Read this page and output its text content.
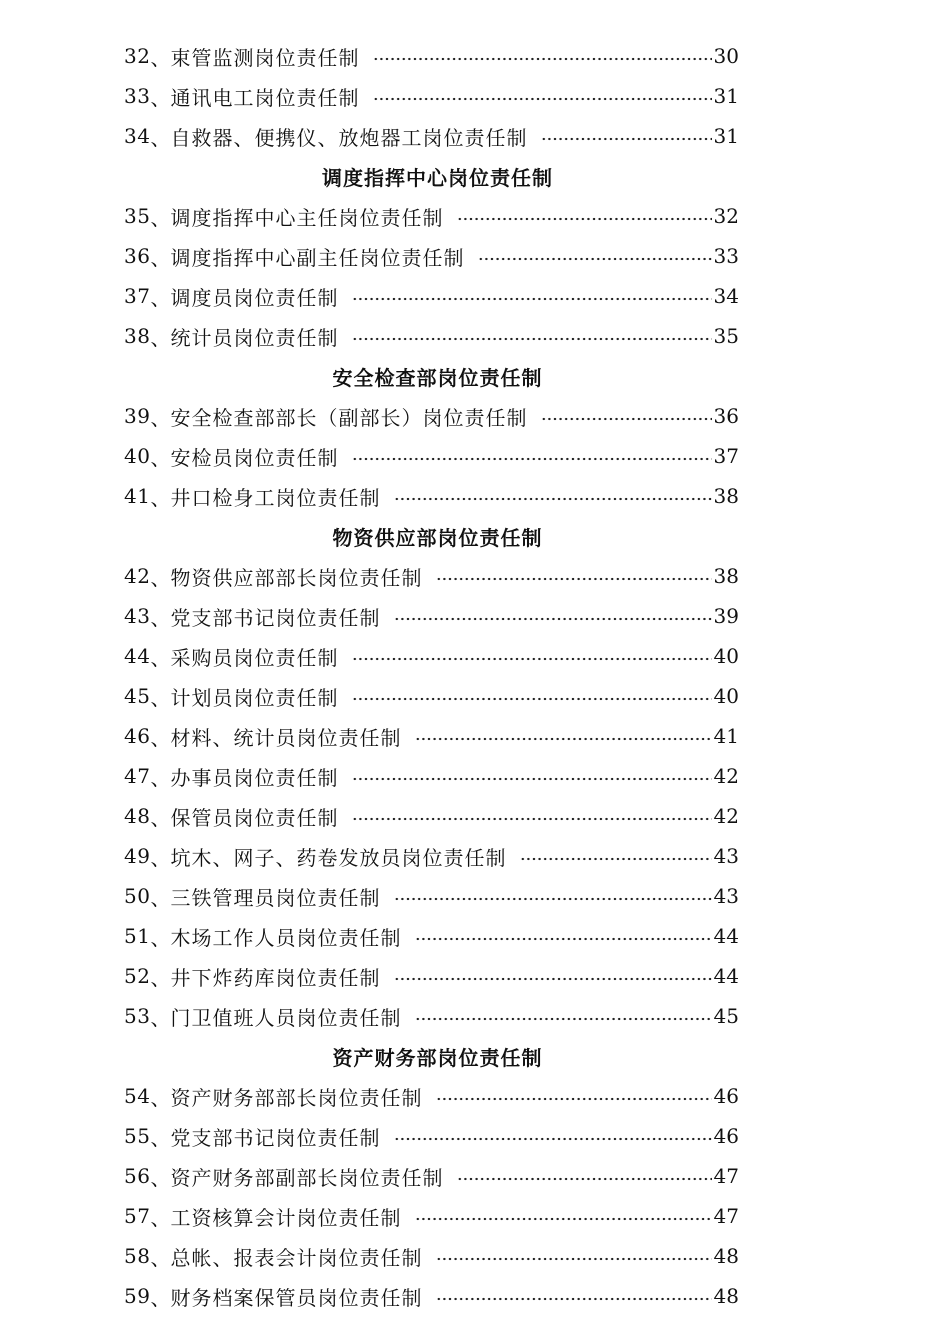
32 、 束管监测岗位责任制	30
33 、 通讯电工岗位责任制	31
34 、 自救器、便携仪、放炮器工岗位责任制	31
调度指挥中心岗位责任制
35 、 调度指挥中心主任岗位责任制	32
36 、 调度指挥中心副主任岗位责任制	33
37 、 调度员岗位责任制	34
38 、 统计员岗位责任制	35
安全检查部岗位责任制
39 、 安全检查部部长（副部长）岗位责任制	36
40 、 安检员岗位责任制	37
41 、 井口检身工岗位责任制	38
物资供应部岗位责任制
42 、 物资供应部部长岗位责任制	38
43 、 党支部书记岗位责任制	39
44 、 采购员岗位责任制	40
45 、 计划员岗位责任制	40
46 、 材料、统计员岗位责任制	41
47 、 办事员岗位责任制	42
48 、 保管员岗位责任制	42
49 、 坑木、网子、药卷发放员岗位责任制	43
50 、 三铁管理员岗位责任制	43
51 、 木场工作人员岗位责任制	44
52 、 井下炸药库岗位责任制	44
53 、 门卫值班人员岗位责任制	45
资产财务部岗位责任制
54 、 资产财务部部长岗位责任制	46
55 、 党支部书记岗位责任制	46
56 、 资产财务部副部长岗位责任制	47
57 、 工资核算会计岗位责任制	47
58 、 总帐、报表会计岗位责任制	48
59 、 财务档案保管员岗位责任制	48
